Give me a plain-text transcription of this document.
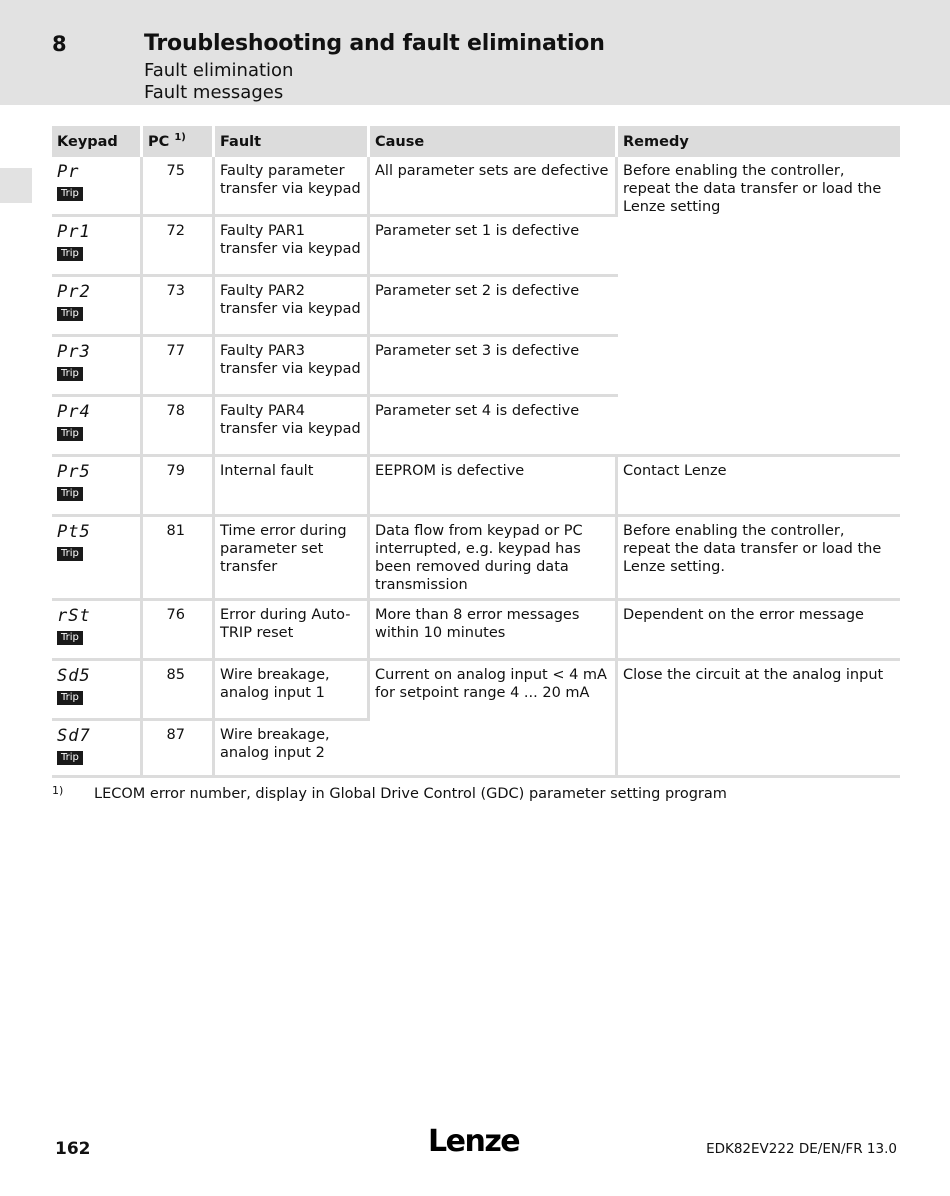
8	Troubleshooting and fault elimination
Fault elimination
Fault messages
Keypad	PC $^{1)}$	Fault	Cause	Remedy

Pr
Trip	75	Faulty parameter transfer via keypad	All parameter sets are defective	Before enabling the controller, repeat the data transfer or load the Lenze setting

Pr1
Trip	72	Faulty PAR1 transfer via keypad	Parameter set 1 is defective	

Pr2
Trip	73	Faulty PAR2 transfer via keypad	Parameter set 2 is defective	

Pr3
Trip	77	Faulty PAR3 transfer via keypad	Parameter set 3 is defective	

Pr4
Trip	78	Faulty PAR4 transfer via keypad	Parameter set 4 is defective	

Pr5
Trip	79	Internal fault	EEPROM is defective	Contact Lenze

Pt5
Trip	81	Time error during parameter set transfer	Data flow from keypad or PC interrupted, e.g. keypad has been removed during data transmission	Before enabling the controller, repeat the data transfer or load the Lenze setting.

rSt
Trip	76	Error during Auto-TRIP reset	More than 8 error messages within 10 minutes	Dependent on the error message

Sd5
Trip	85	Wire breakage, analog input 1	Current on analog input < 4 mA for setpoint range 4 ... 20 mA	Close the circuit at the analog input

Sd7
Trip	87	Wire breakage, analog input 2		
1) LECOM error number, display in Global Drive Control (GDC) parameter setting program
162	Lenze	EDK82EV222 DE/EN/FR 13.0
